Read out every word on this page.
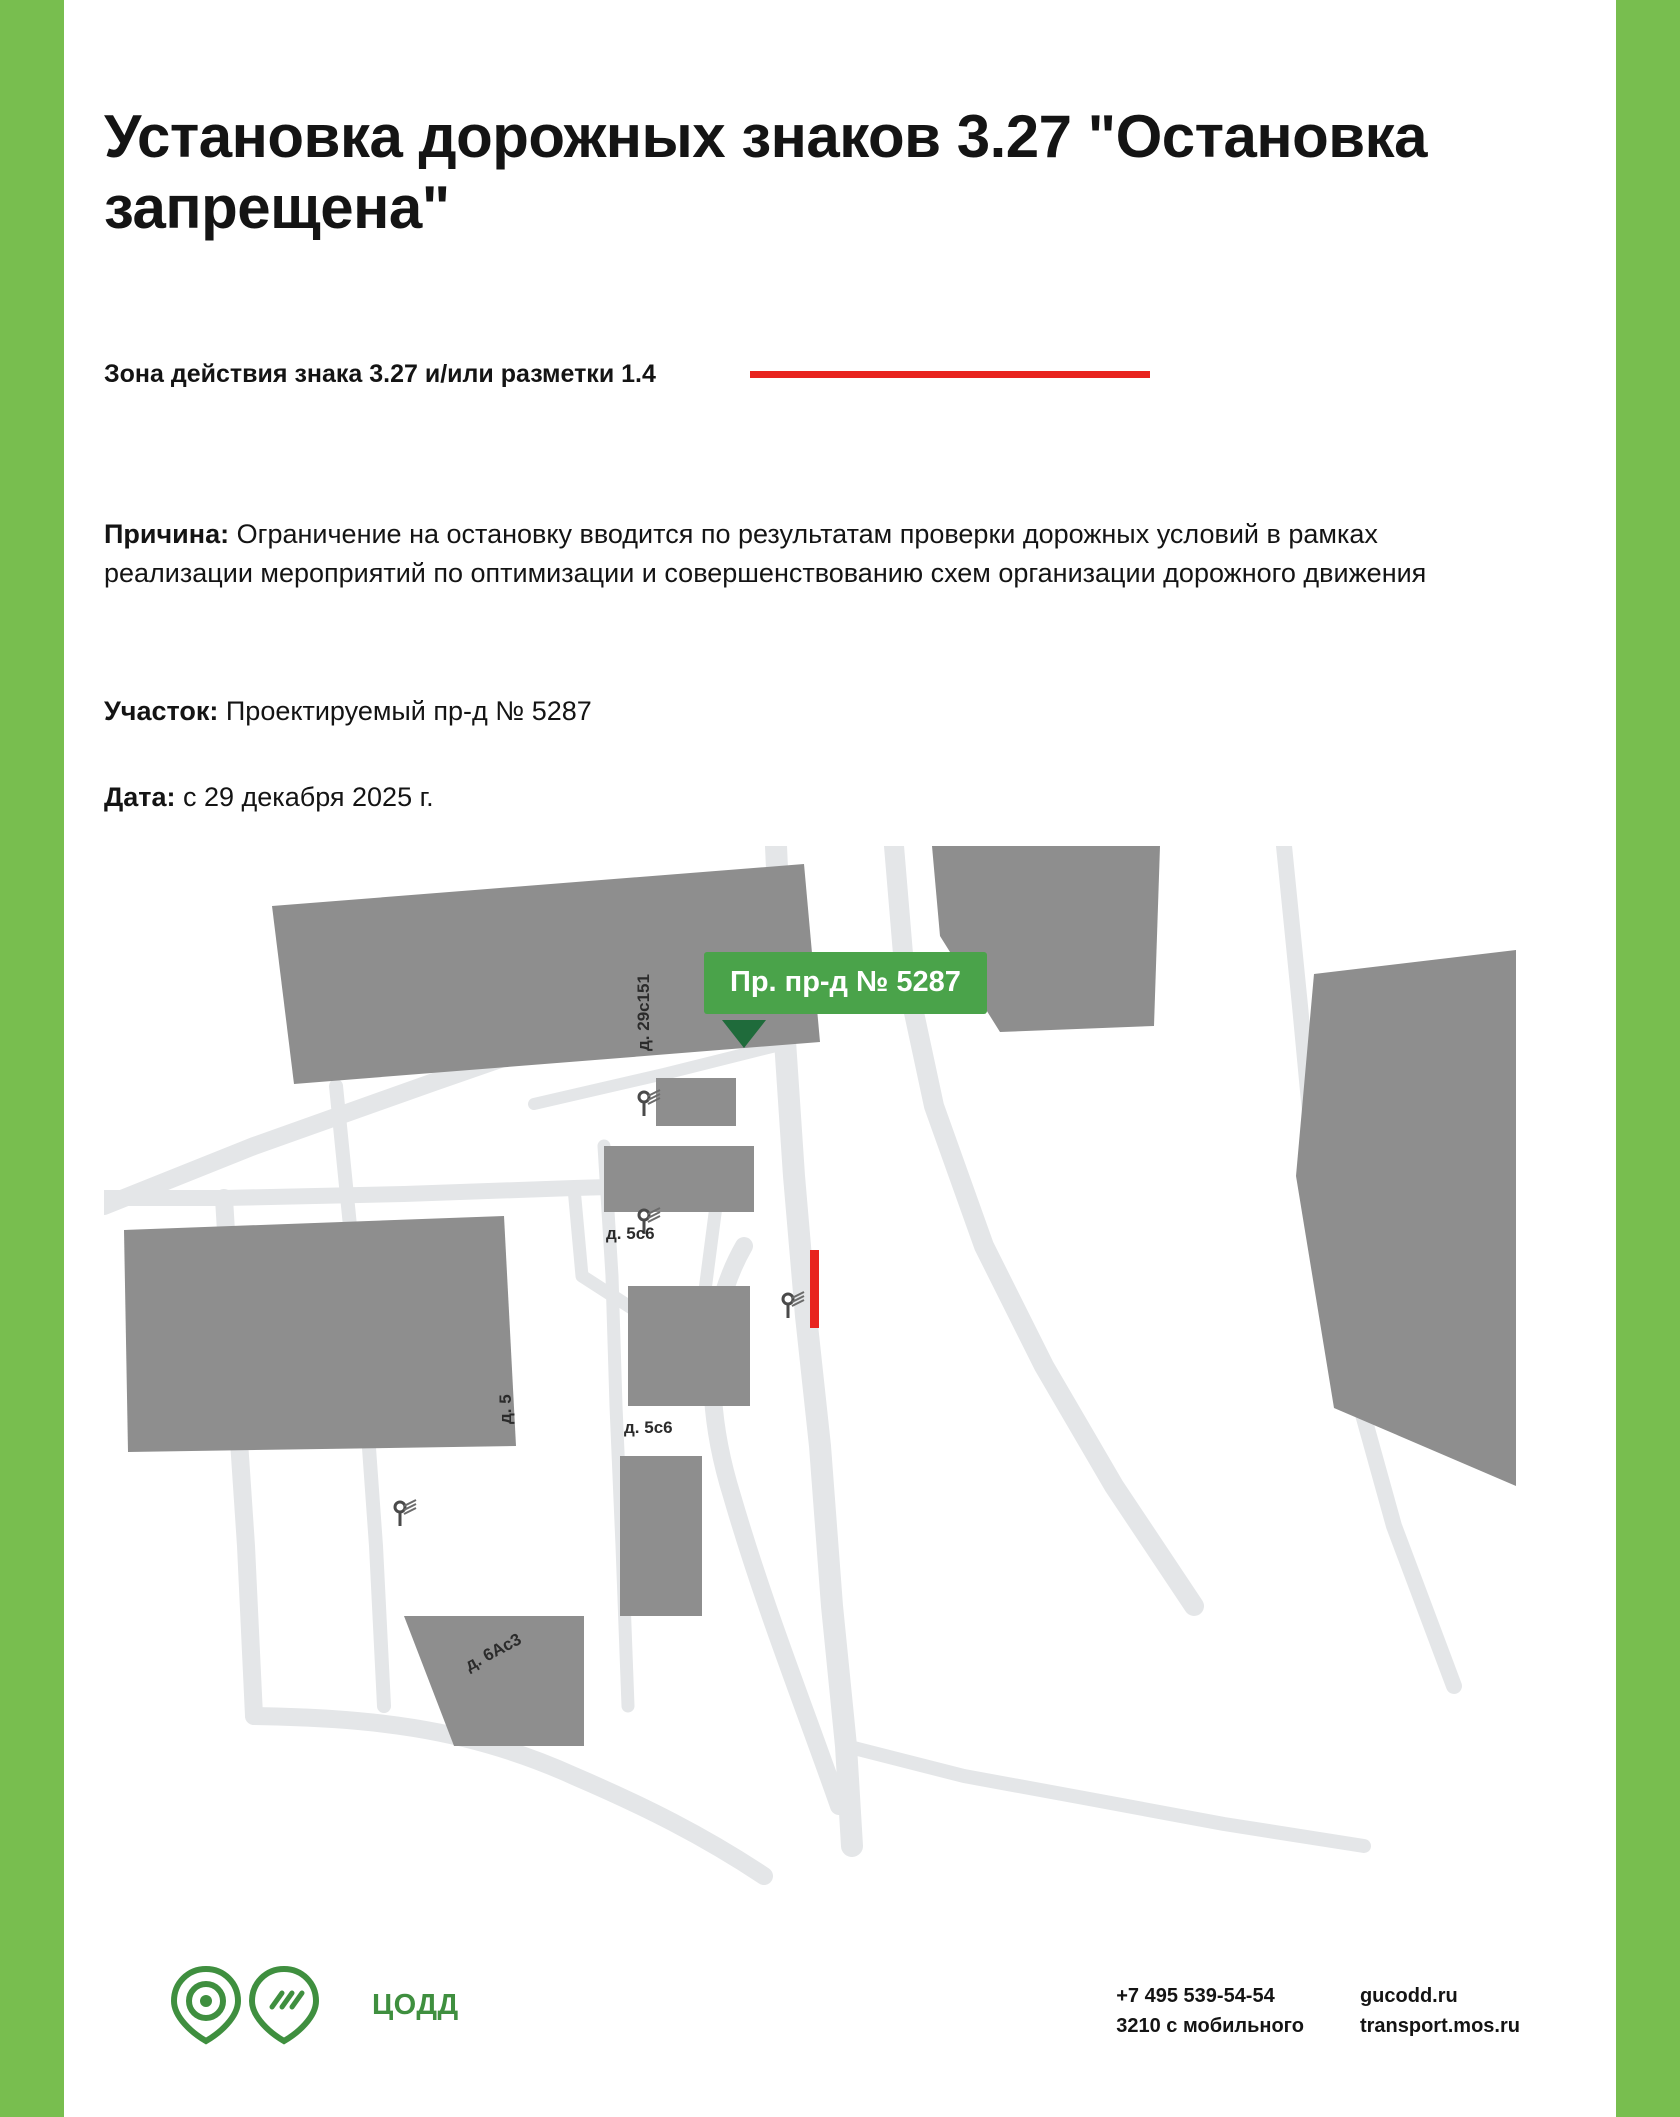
Установка дорожных знаков 3.27 "Остановка запрещена"
Зона действия знака 3.27 и/или разметки 1.4

Причина: Ограничение на остановку вводится по результатам проверки дорожных условий в рамках реализации мероприятий по оптимизации и совершенствованию схем организации дорожного движения

Участок: Проектируемый пр-д № 5287

Дата: с 29 декабря 2025 г.

д. 29с151
д. 5с6
д. 5
д. 5с6
д. 6Ас3
Пр. пр-д № 5287
ЦОДД	+7 495 539-54-54
3210 с мобильного
gucodd.ru
transport.mos.ru
